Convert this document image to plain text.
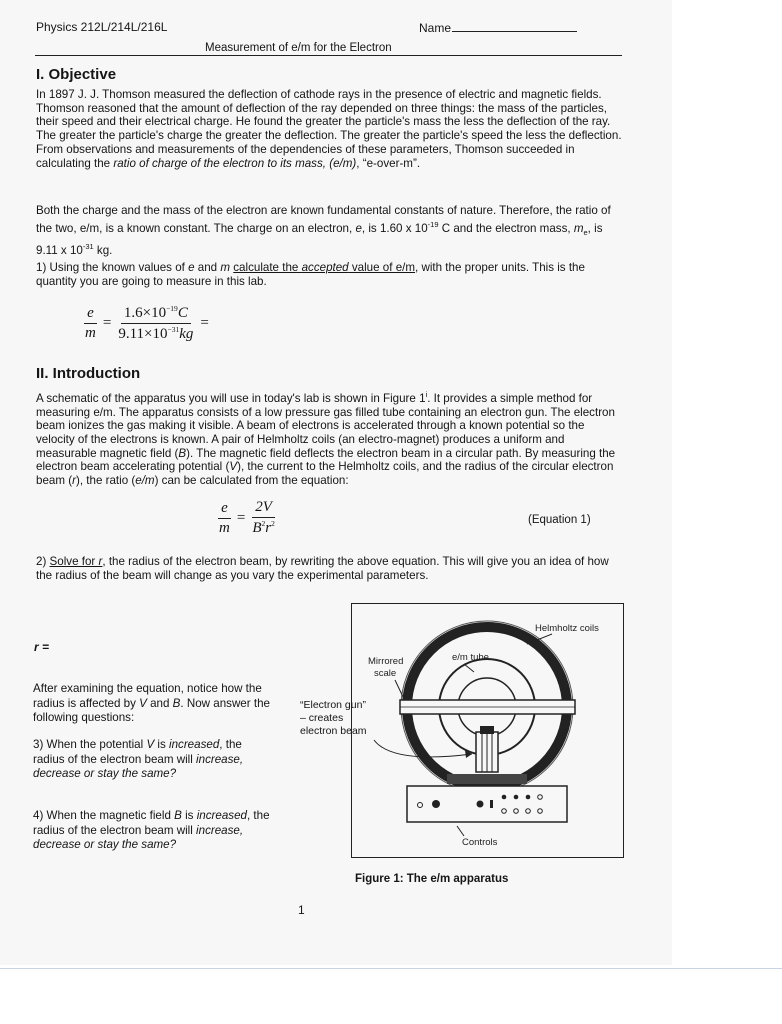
Physics 212L/214L/216L	Name
Measurement of e/m for the Electron
I. Objective
In 1897 J. J. Thomson measured the deflection of cathode rays in the presence of electric and magnetic fields. Thomson reasoned that the amount of deflection of the ray depended on three things: the mass of the particles, their speed and their electrical charge. He found the greater the particle's mass the less the deflection of the ray. The greater the particle's charge the greater the deflection. The greater the particle's speed the less the deflection. From observations and measurements of the dependencies of these parameters, Thomson succeeded in calculating the ratio of charge of the electron to its mass, (e/m), “e-over-m”.
Both the charge and the mass of the electron are known fundamental constants of nature. Therefore, the ratio of the two, e/m, is a known constant. The charge on an electron, e, is 1.60 x $10^{-19}$ C and the electron mass, $m_e$, is 9.11 x $10^{-31}$ kg.
1) Using the known values of e and m calculate the accepted value of e/m, with the proper units. This is the quantity you are going to measure in this lab.
$\frac{e}{m} = \frac{1.6\times 10^{-19}C}{9.11\times 10^{-31}kg}$ =
II. Introduction
A schematic of the apparatus you will use in today's lab is shown in Figure 1$^i$. It provides a simple method for measuring e/m. The apparatus consists of a low pressure gas filled tube containing an electron gun. The electron beam ionizes the gas making it visible. A beam of electrons is accelerated through a known potential so the velocity of the electrons is known. A pair of Helmholtz coils (an electro-magnet) produces a uniform and measurable magnetic field (B). The magnetic field deflects the electron beam in a circular path. By measuring the electron beam accelerating potential (V), the current to the Helmholtz coils, and the radius of the circular electron beam (r), the ratio (e/m) can be calculated from the equation:
$\frac{e}{m} = \frac{2V}{B^2r^2}$	(Equation 1)
2) Solve for r, the radius of the electron beam, by rewriting the above equation. This will give you an idea of how the radius of the beam will change as you vary the experimental parameters.
r =
After examining the equation, notice how the radius is affected by V and B. Now answer the following questions:
3) When the potential V is increased, the radius of the electron beam will increase, decrease or stay the same?
4) When the magnetic field B is increased, the radius of the electron beam will increase, decrease or stay the same?
Helmholtz coils
e/m tube
Mirrored
scale
Controls
“Electron gun”
– creates
electron beam
Figure 1: The e/m apparatus
1
